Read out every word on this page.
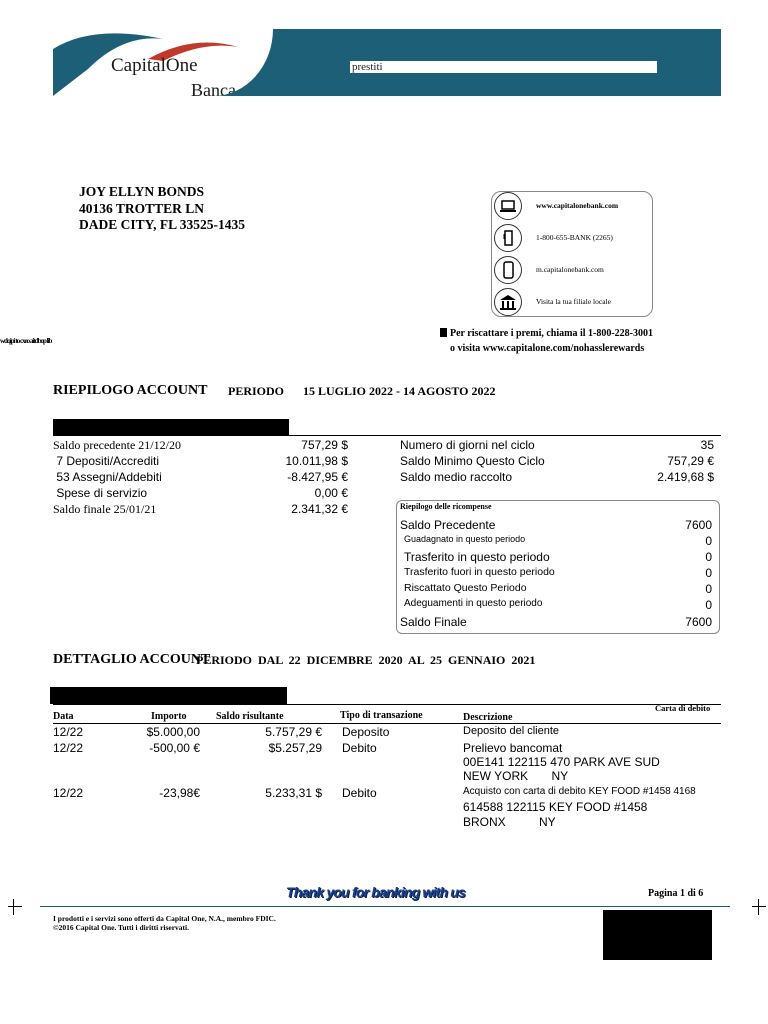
CapitalOne
Banca
prestiti
JOY ELLYN BONDS
40136 TROTTER LN
DADE CITY, FL 33525-1435
www.capitalonebank.com
1-800-655-BANK (2265)
m.capitalonebank.com
Visita la tua filiale locale
Per riscattare i premi, chiama il 1-800-228-3001
o visita www.capitalone.com/nohasslerewards
wdqipi to cxeo aitdbop lib
RIEPILOGO ACCOUNT PERIODO 15 LUGLIO 2022 - 14 AGOSTO 2022
Saldo precedente 21/12/20	757,29 $
7 Depositi/Accrediti	10.011,98 $
53 Assegni/Addebiti	-8.427,95 €
Spese di servizio	0,00 €
Saldo finale 25/01/21	2.341,32 €
Numero di giorni nel ciclo	35
Saldo Minimo Questo Ciclo	757,29 €
Saldo medio raccolto	2.419,68 $
Riepilogo delle ricompense
Saldo Precedente	7600
Guadagnato in questo periodo	0
Trasferito in questo periodo	0
Trasferito fuori in questo periodo	0
Riscattato Questo Periodo	0
Adeguamenti in questo periodo	0
Saldo Finale	7600
DETTAGLIO ACCOUNT
PERIODO  DAL  22  DICEMBRE  2020  AL  25  GENNAIO  2021
Carta di debito
Data	Importo	Saldo risultante	Tipo di transazione	Descrizione
12/22	$5.000,00	5.757,29 € Deposito	Deposito del cliente
12/22	-500,00 €	$5.257,29 Debito	Prelievo bancomat
00E141 122115 470 PARK AVE SUD
NEW YORK       NY
12/22	-23,98€	5.233,31 $ Debito	Acquisto con carta di debito KEY FOOD #1458 4168
614588 122115 KEY FOOD #1458
BRONX          NY
Thank you for banking with us	Pagina 1 di 6
I prodotti e i servizi sono offerti da Capital One, N.A., membro FDIC.
©2016 Capital One. Tutti i diritti riservati.
